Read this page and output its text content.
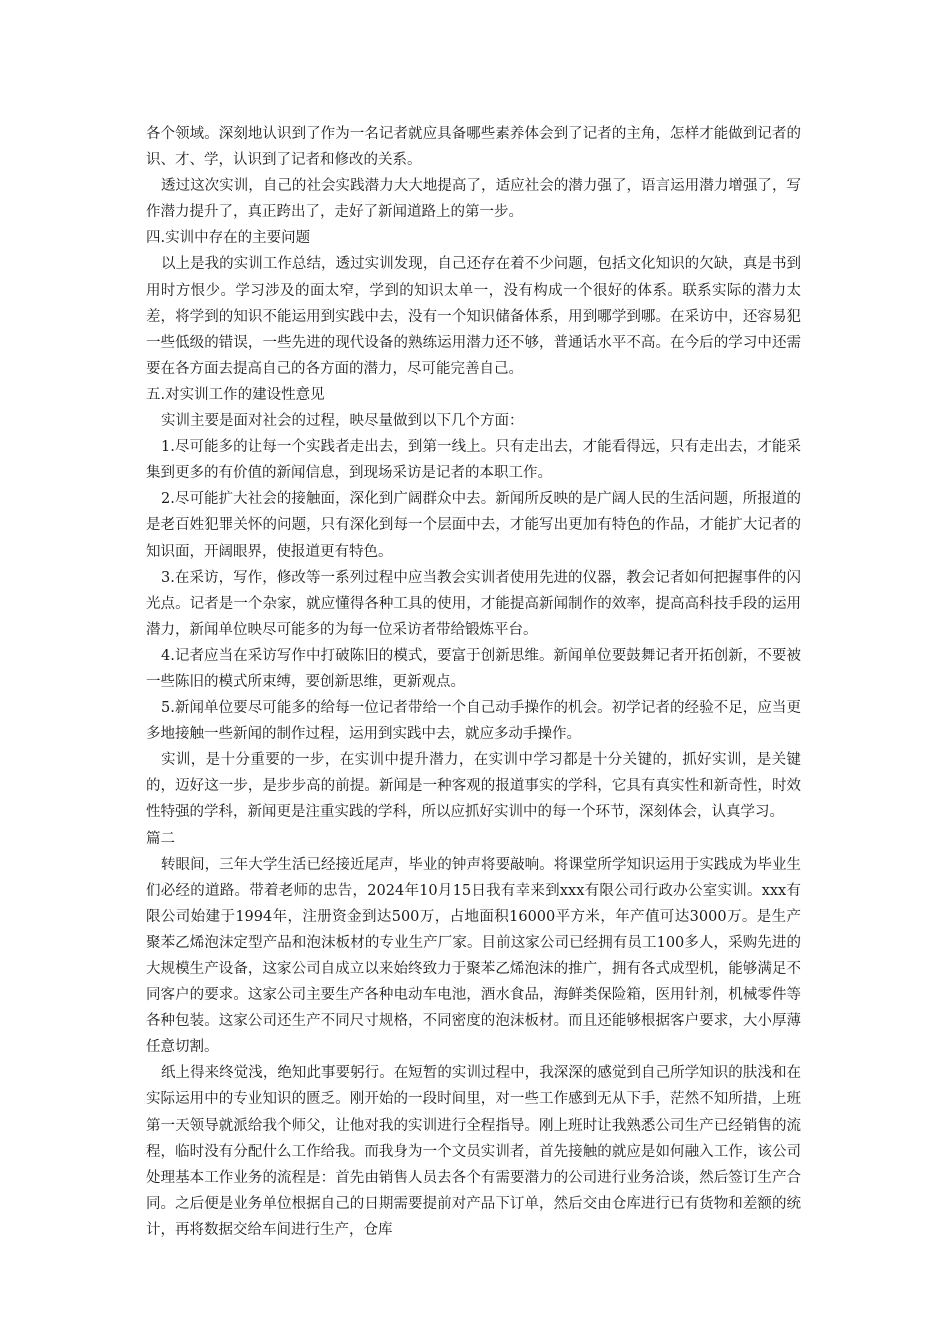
各个领域。深刻地认识到了作为一名记者就应具备哪些素养体会到了记者的主角，怎样才能做到记者的识、才、学，认识到了记者和修改的关系。

透过这次实训，自己的社会实践潜力大大地提高了，适应社会的潜力强了，语言运用潜力增强了，写作潜力提升了，真正跨出了，走好了新闻道路上的第一步。

四.实训中存在的主要问题

以上是我的实训工作总结，透过实训发现，自己还存在着不少问题，包括文化知识的欠缺，真是书到用时方恨少。学习涉及的面太窄，学到的知识太单一，没有构成一个很好的体系。联系实际的潜力太差，将学到的知识不能运用到实践中去，没有一个知识储备体系，用到哪学到哪。在采访中，还容易犯一些低级的错误，一些先进的现代设备的熟练运用潜力还不够，普通话水平不高。在今后的学习中还需要在各方面去提高自己的各方面的潜力，尽可能完善自己。

五.对实训工作的建设性意见

实训主要是面对社会的过程，映尽量做到以下几个方面：

1.尽可能多的让每一个实践者走出去，到第一线上。只有走出去，才能看得远，只有走出去，才能采集到更多的有价值的新闻信息，到现场采访是记者的本职工作。

2.尽可能扩大社会的接触面，深化到广阔群众中去。新闻所反映的是广阔人民的生活问题，所报道的是老百姓犯罪关怀的问题，只有深化到每一个层面中去，才能写出更加有特色的作品，才能扩大记者的知识面，开阔眼界，使报道更有特色。

3.在采访，写作，修改等一系列过程中应当教会实训者使用先进的仪器，教会记者如何把握事件的闪光点。记者是一个杂家，就应懂得各种工具的使用，才能提高新闻制作的效率，提高高科技手段的运用潜力，新闻单位映尽可能多的为每一位采访者带给锻炼平台。

4.记者应当在采访写作中打破陈旧的模式，要富于创新思维。新闻单位要鼓舞记者开拓创新，不要被一些陈旧的模式所束缚，要创新思维，更新观点。

5.新闻单位要尽可能多的给每一位记者带给一个自己动手操作的机会。初学记者的经验不足，应当更多地接触一些新闻的制作过程，运用到实践中去，就应多动手操作。

实训，是十分重要的一步，在实训中提升潜力，在实训中学习都是十分关键的，抓好实训，是关键的，迈好这一步，是步步高的前提。新闻是一种客观的报道事实的学科，它具有真实性和新奇性，时效性特强的学科，新闻更是注重实践的学科，所以应抓好实训中的每一个环节，深刻体会，认真学习。

篇二

转眼间，三年大学生活已经接近尾声，毕业的钟声将要敲响。将课堂所学知识运用于实践成为毕业生们必经的道路。带着老师的忠告，2024年10月15日我有幸来到xxx有限公司行政办公室实训。xxx有限公司始建于1994年，注册资金到达500万，占地面积16000平方米，年产值可达3000万。是生产聚苯乙烯泡沫定型产品和泡沫板材的专业生产厂家。目前这家公司已经拥有员工100多人，采购先进的大规模生产设备，这家公司自成立以来始终致力于聚苯乙烯泡沫的推广，拥有各式成型机，能够满足不同客户的要求。这家公司主要生产各种电动车电池，酒水食品，海鲜类保险箱，医用针剂，机械零件等各种包装。这家公司还生产不同尺寸规格，不同密度的泡沫板材。而且还能够根据客户要求，大小厚薄任意切割。

纸上得来终觉浅，绝知此事要躬行。在短暂的实训过程中，我深深的感觉到自己所学知识的肤浅和在实际运用中的专业知识的匮乏。刚开始的一段时间里，对一些工作感到无从下手，茫然不知所措，上班第一天领导就派给我个师父，让他对我的实训进行全程指导。刚上班时让我熟悉公司生产已经销售的流程，临时没有分配什么工作给我。而我身为一个文员实训者，首先接触的就应是如何融入工作，该公司处理基本工作业务的流程是：首先由销售人员去各个有需要潜力的公司进行业务洽谈，然后签订生产合同。之后便是业务单位根据自己的日期需要提前对产品下订单，然后交由仓库进行已有货物和差额的统计，再将数据交给车间进行生产，仓库
